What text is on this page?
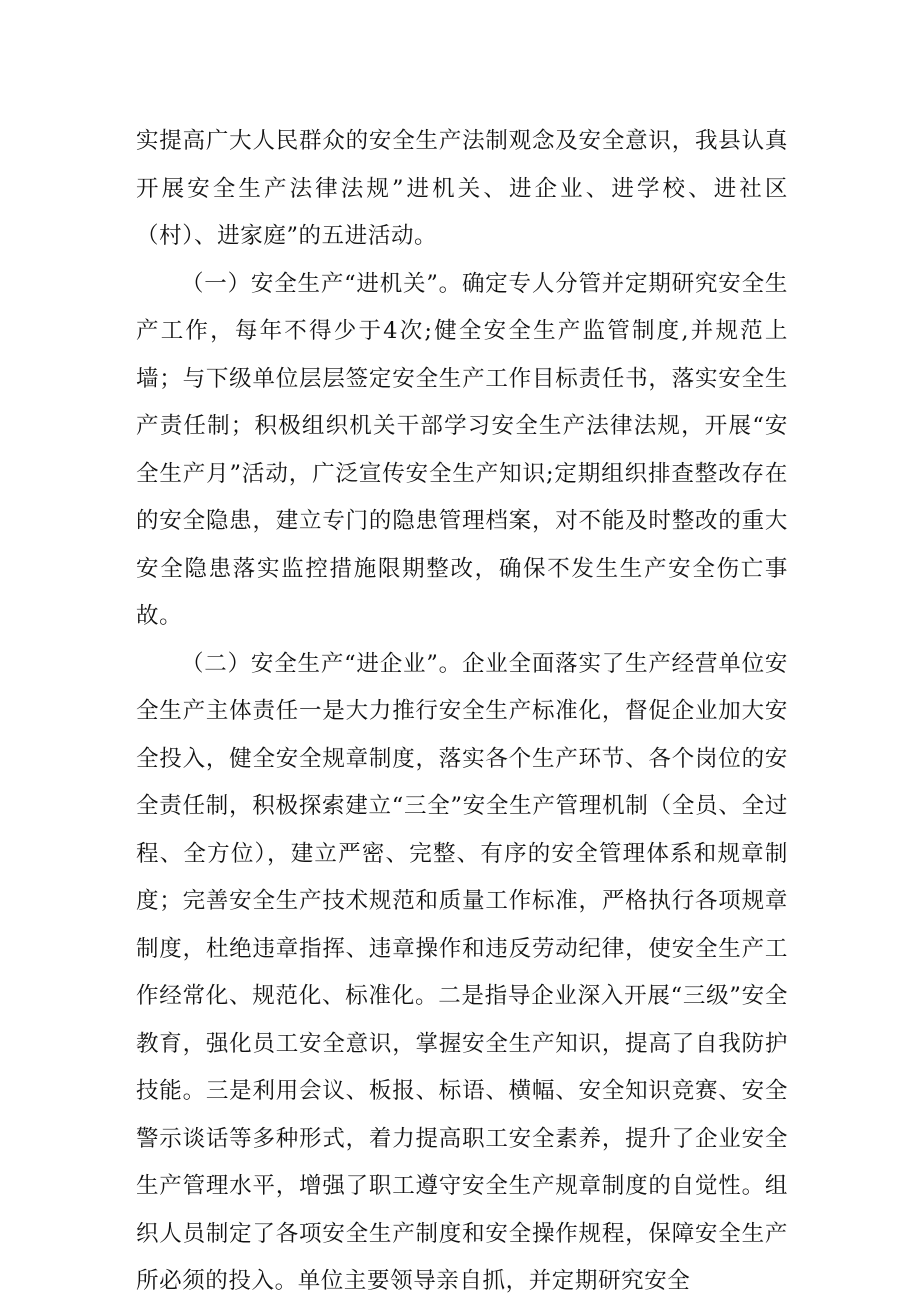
实提高广大人民群众的安全生产法制观念及安全意识，我县认真开展安全生产法律法规”进机关、进企业、进学校、进社区（村）、进家庭”的五进活动。

（一）安全生产“进机关”。确定专人分管并定期研究安全生产工作，每年不得少于4次;健全安全生产监管制度,并规范上墙；与下级单位层层签定安全生产工作目标责任书，落实安全生产责任制；积极组织机关干部学习安全生产法律法规，开展“安全生产月”活动，广泛宣传安全生产知识;定期组织排查整改存在的安全隐患，建立专门的隐患管理档案，对不能及时整改的重大安全隐患落实监控措施限期整改，确保不发生生产安全伤亡事故。

（二）安全生产“进企业”。企业全面落实了生产经营单位安全生产主体责任一是大力推行安全生产标准化，督促企业加大安全投入，健全安全规章制度，落实各个生产环节、各个岗位的安全责任制，积极探索建立“三全”安全生产管理机制（全员、全过程、全方位），建立严密、完整、有序的安全管理体系和规章制度；完善安全生产技术规范和质量工作标准，严格执行各项规章制度，杜绝违章指挥、违章操作和违反劳动纪律，使安全生产工作经常化、规范化、标准化。二是指导企业深入开展“三级”安全教育，强化员工安全意识，掌握安全生产知识，提高了自我防护技能。三是利用会议、板报、标语、横幅、安全知识竞赛、安全警示谈话等多种形式，着力提高职工安全素养，提升了企业安全生产管理水平，增强了职工遵守安全生产规章制度的自觉性。组织人员制定了各项安全生产制度和安全操作规程，保障安全生产所必须的投入。单位主要领导亲自抓，并定期研究安全
